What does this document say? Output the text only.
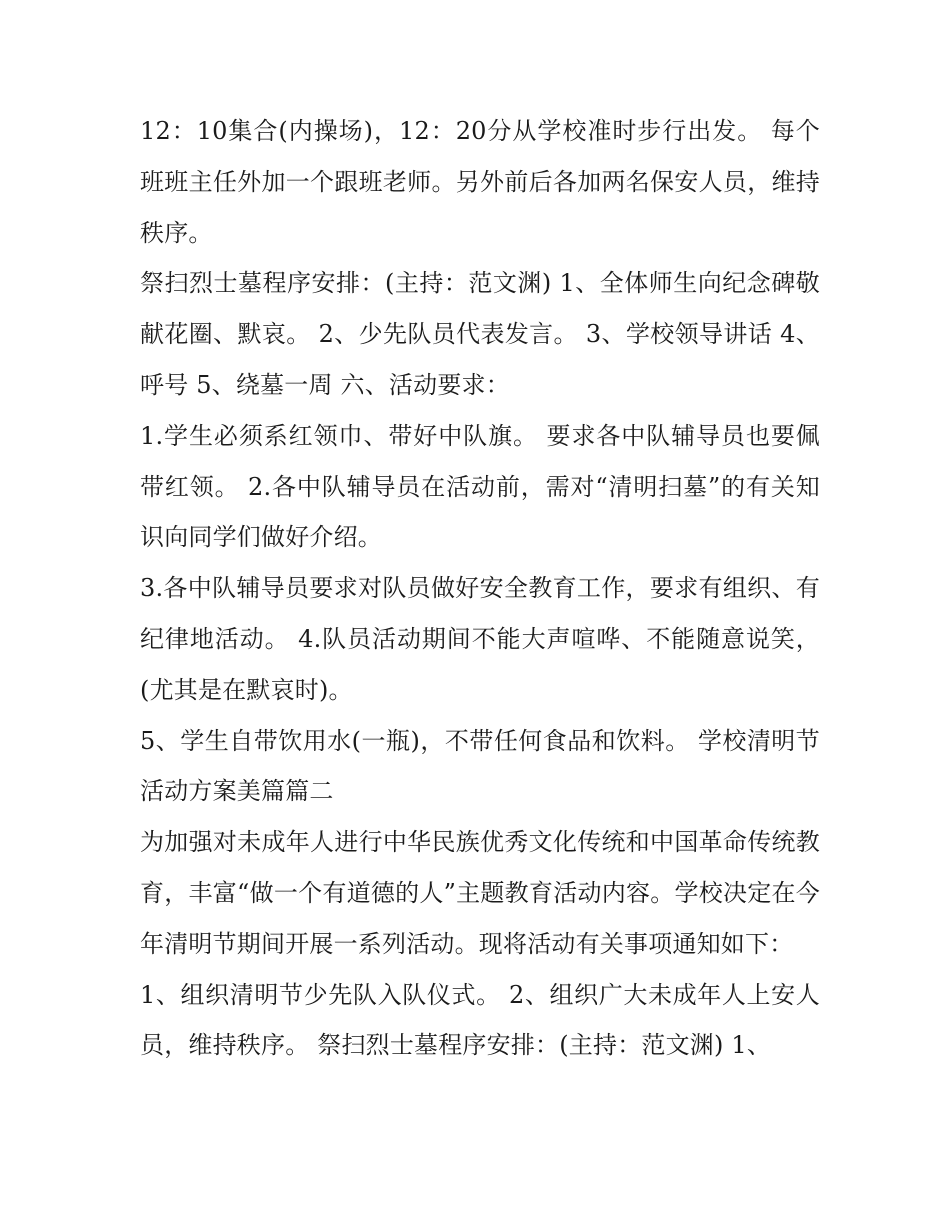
12：10集合(内操场)，12：20分从学校准时步行出发。 每个班班主任外加一个跟班老师。另外前后各加两名保安人员，维持秩序。

祭扫烈士墓程序安排：(主持：范文渊) 1、全体师生向纪念碑敬献花圈、默哀。 2、少先队员代表发言。 3、学校领导讲话 4、呼号 5、绕墓一周 六、活动要求：

1.学生必须系红领巾、带好中队旗。 要求各中队辅导员也要佩带红领。 2.各中队辅导员在活动前，需对“清明扫墓”的有关知识向同学们做好介绍。

3.各中队辅导员要求对队员做好安全教育工作，要求有组织、有纪律地活动。 4.队员活动期间不能大声喧哗、不能随意说笑，(尤其是在默哀时)。

5、学生自带饮用水(一瓶)，不带任何食品和饮料。 学校清明节活动方案美篇篇二

为加强对未成年人进行中华民族优秀文化传统和中国革命传统教育，丰富“做一个有道德的人”主题教育活动内容。学校决定在今年清明节期间开展一系列活动。现将活动有关事项通知如下：

1、组织清明节少先队入队仪式。 2、组织广大未成年人上安人员，维持秩序。 祭扫烈士墓程序安排：(主持：范文渊) 1、
